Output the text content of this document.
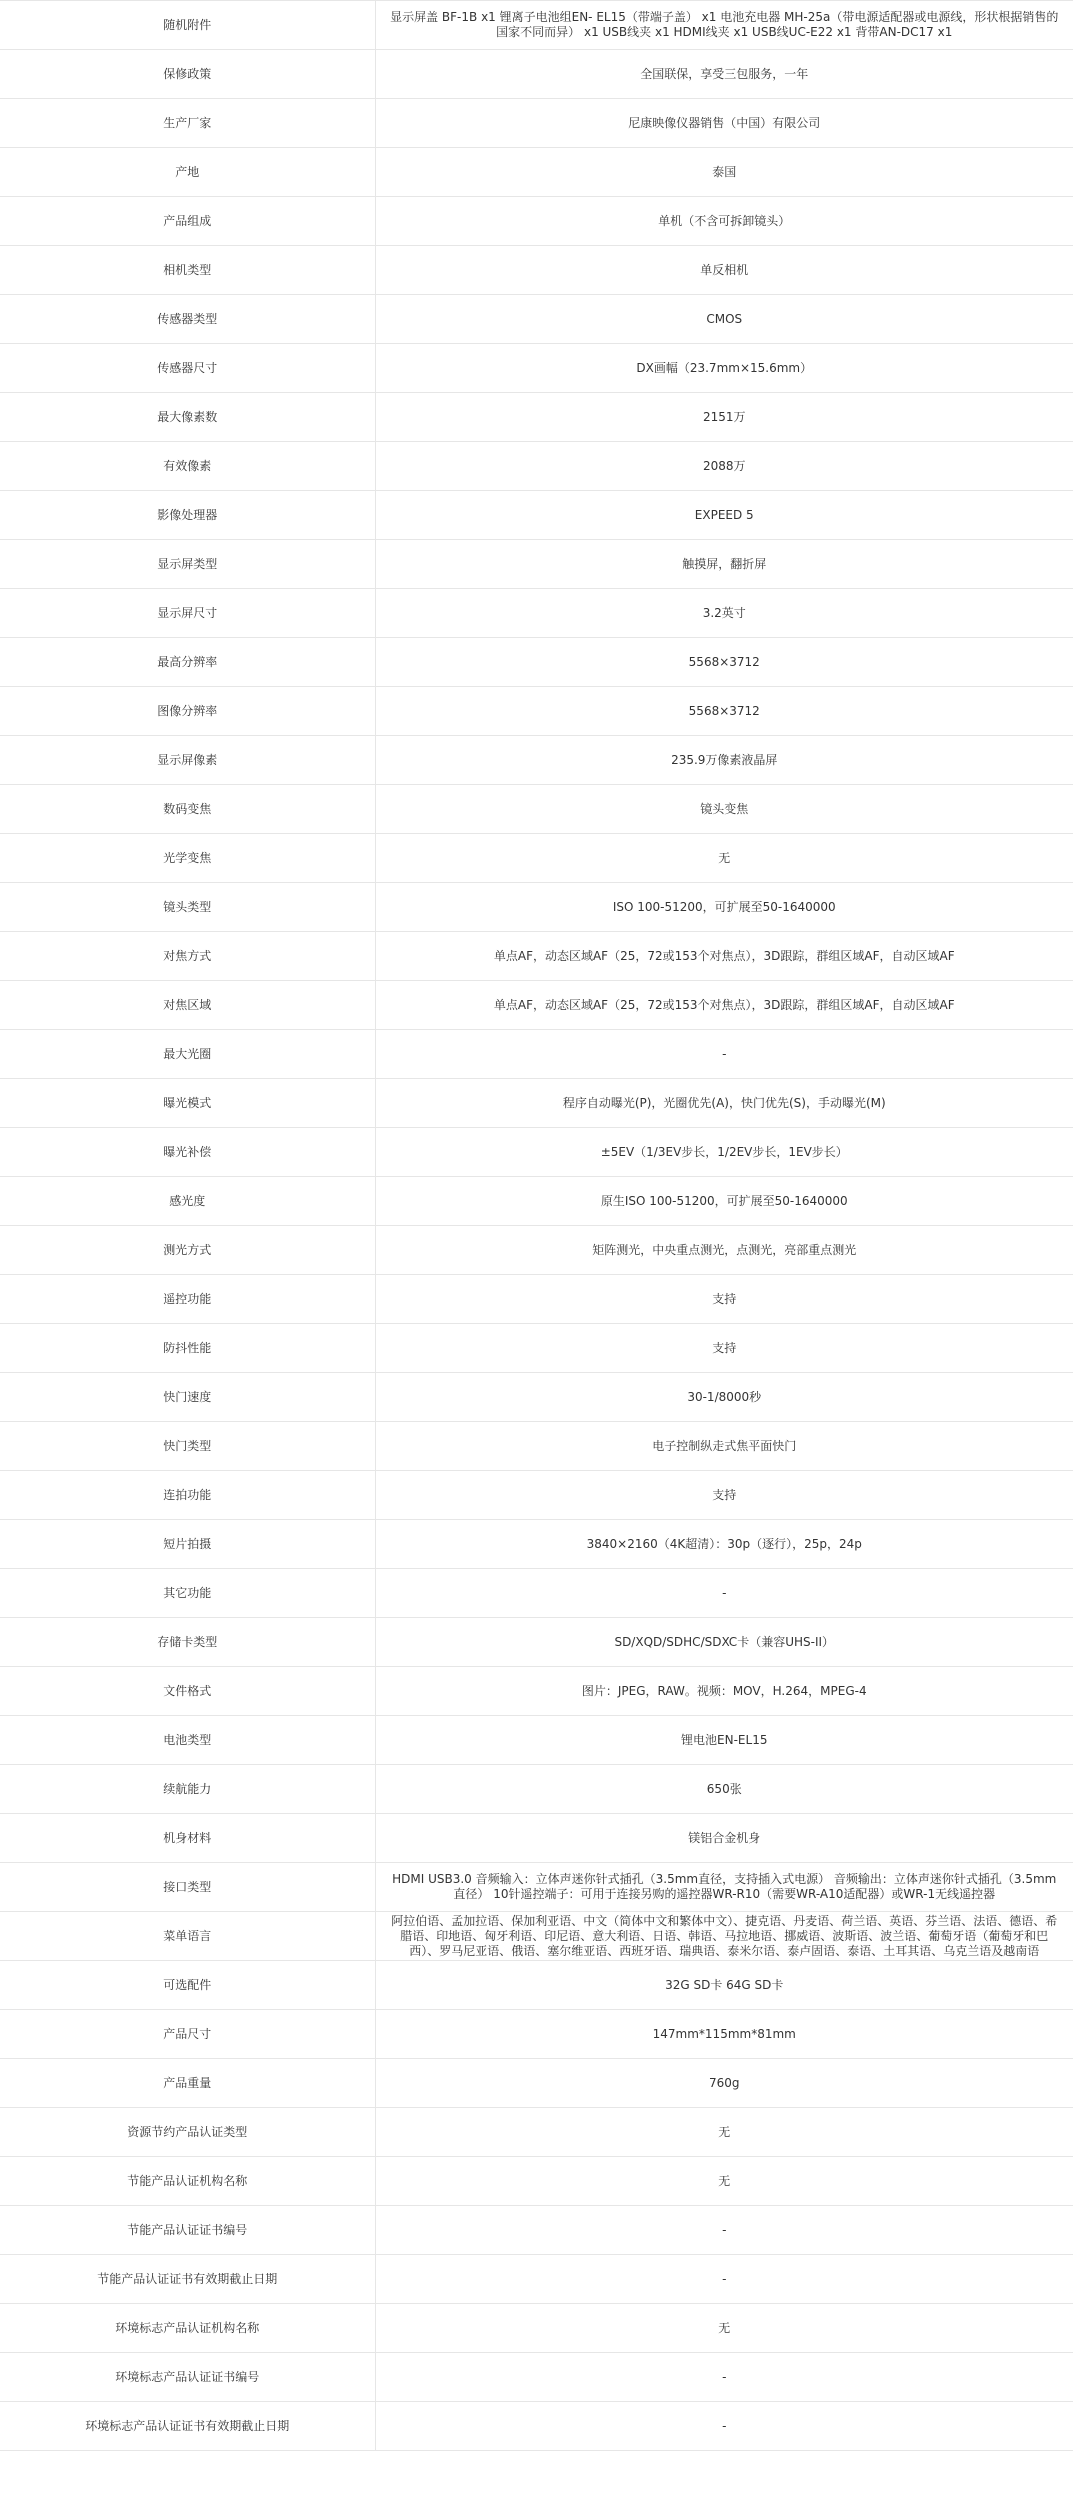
随机附件	显示屏盖 BF-1B x1 锂离子电池组EN- EL15（带端子盖） x1 电池充电器 MH-25a（带电源适配器或电源线，形状根据销售的国家不同而异） x1 USB线夹 x1 HDMI线夹 x1 USB线UC-E22 x1 背带AN-DC17 x1
保修政策	全国联保，享受三包服务，一年
生产厂家	尼康映像仪器销售（中国）有限公司
产地	泰国
产品组成	单机（不含可拆卸镜头）
相机类型	单反相机
传感器类型	CMOS
传感器尺寸	DX画幅（23.7mm×15.6mm）
最大像素数	2151万
有效像素	2088万
影像处理器	EXPEED 5
显示屏类型	触摸屏，翻折屏
显示屏尺寸	3.2英寸
最高分辨率	5568×3712
图像分辨率	5568×3712
显示屏像素	235.9万像素液晶屏
数码变焦	镜头变焦
光学变焦	无
镜头类型	ISO 100-51200，可扩展至50-1640000
对焦方式	单点AF，动态区域AF（25，72或153个对焦点），3D跟踪，群组区域AF，自动区域AF
对焦区域	单点AF，动态区域AF（25，72或153个对焦点），3D跟踪，群组区域AF，自动区域AF
最大光圈	-
曝光模式	程序自动曝光(P)，光圈优先(A)，快门优先(S)，手动曝光(M)
曝光补偿	±5EV（1/3EV步长，1/2EV步长，1EV步长）
感光度	原生ISO 100-51200，可扩展至50-1640000
测光方式	矩阵测光，中央重点测光，点测光，亮部重点测光
遥控功能	支持
防抖性能	支持
快门速度	30-1/8000秒
快门类型	电子控制纵走式焦平面快门
连拍功能	支持
短片拍摄	3840×2160（4K超清）：30p（逐行），25p，24p
其它功能	-
存储卡类型	SD/XQD/SDHC/SDXC卡（兼容UHS-II）
文件格式	图片：JPEG，RAW。视频：MOV，H.264，MPEG-4
电池类型	锂电池EN-EL15
续航能力	650张
机身材料	镁铝合金机身
接口类型	HDMI USB3.0 音频输入：立体声迷你针式插孔（3.5mm直径，支持插入式电源） 音频输出：立体声迷你针式插孔（3.5mm直径） 10针遥控端子：可用于连接另购的遥控器WR-R10（需要WR-A10适配器）或WR-1无线遥控器
菜单语言	阿拉伯语、孟加拉语、保加利亚语、中文（简体中文和繁体中文）、捷克语、丹麦语、荷兰语、英语、芬兰语、法语、德语、希腊语、印地语、匈牙利语、印尼语、意大利语、日语、韩语、马拉地语、挪威语、波斯语、波兰语、葡萄牙语（葡萄牙和巴西）、罗马尼亚语、俄语、塞尔维亚语、西班牙语、瑞典语、泰米尔语、泰卢固语、泰语、土耳其语、乌克兰语及越南语
可选配件	32G SD卡 64G SD卡
产品尺寸	147mm*115mm*81mm
产品重量	760g
资源节约产品认证类型	无
节能产品认证机构名称	无
节能产品认证证书编号	-
节能产品认证证书有效期截止日期	-
环境标志产品认证机构名称	无
环境标志产品认证证书编号	-
环境标志产品认证证书有效期截止日期	-
